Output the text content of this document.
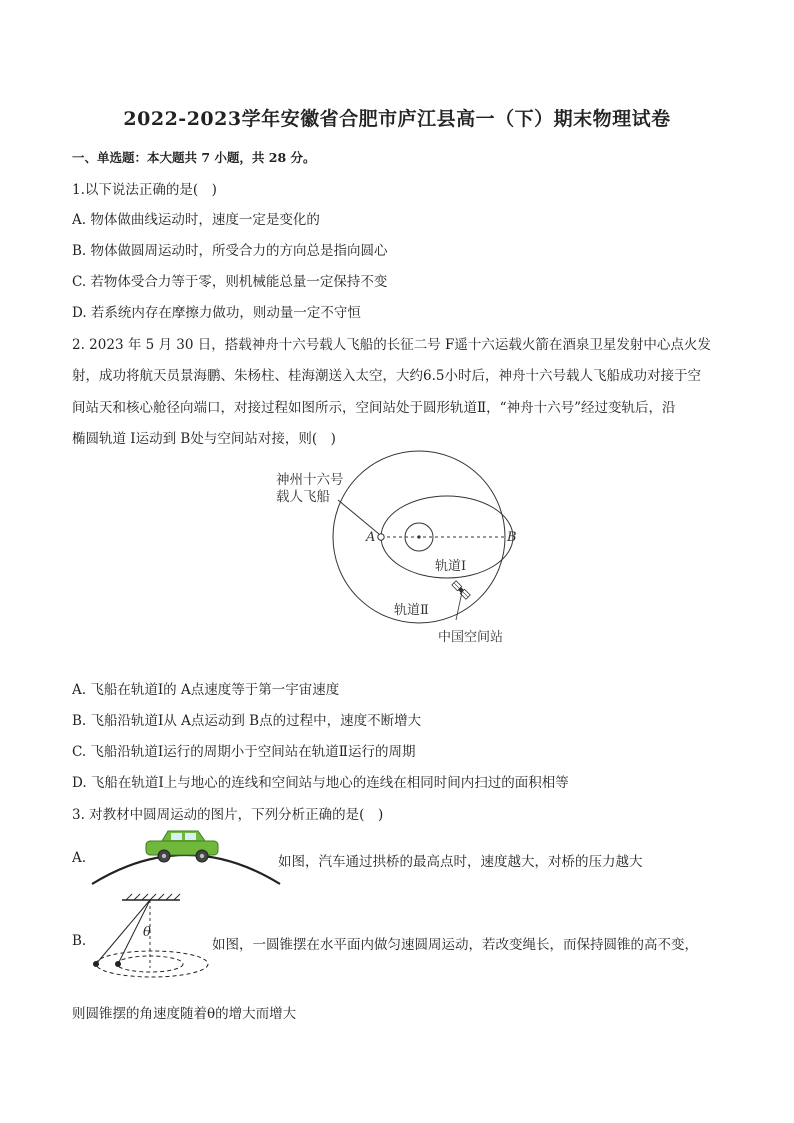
2022-2023学年安徽省合肥市庐江县高一（下）期末物理试卷
一、单选题：本大题共 7 小题，共 28 分。
1.以下说法正确的是(　)
A. 物体做曲线运动时，速度一定是变化的
B. 物体做圆周运动时，所受合力的方向总是指向圆心
C. 若物体受合力等于零，则机械能总量一定保持不变
D. 若系统内存在摩擦力做功，则动量一定不守恒
2. 2023 年 5 月 30 日，搭载神舟十六号载人飞船的长征二号 F遥十六运载火箭在酒泉卫星发射中心点火发
射，成功将航天员景海鹏、朱杨柱、桂海潮送入太空，大约6.5小时后，神舟十六号载人飞船成功对接于空
间站天和核心舱径向端口，对接过程如图所示，空间站处于圆形轨道Ⅱ，“神舟十六号”经过变轨后，沿
椭圆轨道 I运动到 B处与空间站对接，则(　)
神州十六号
载人飞船
A	B
轨道Ⅰ
轨道Ⅱ
中国空间站
A. 飞船在轨道Ⅰ的 A点速度等于第一宇宙速度
B. 飞船沿轨道Ⅰ从 A点运动到 B点的过程中，速度不断增大
C. 飞船沿轨道Ⅰ运行的周期小于空间站在轨道Ⅱ运行的周期
D. 飞船在轨道Ⅰ上与地心的连线和空间站与地心的连线在相同时间内扫过的面积相等
3. 对教材中圆周运动的图片，下列分析正确的是(　)
A.	如图，汽车通过拱桥的最高点时，速度越大，对桥的压力越大
B.
θ
如图，一圆锥摆在水平面内做匀速圆周运动，若改变绳长，而保持圆锥的高不变，
则圆锥摆的角速度随着θ的增大而增大
